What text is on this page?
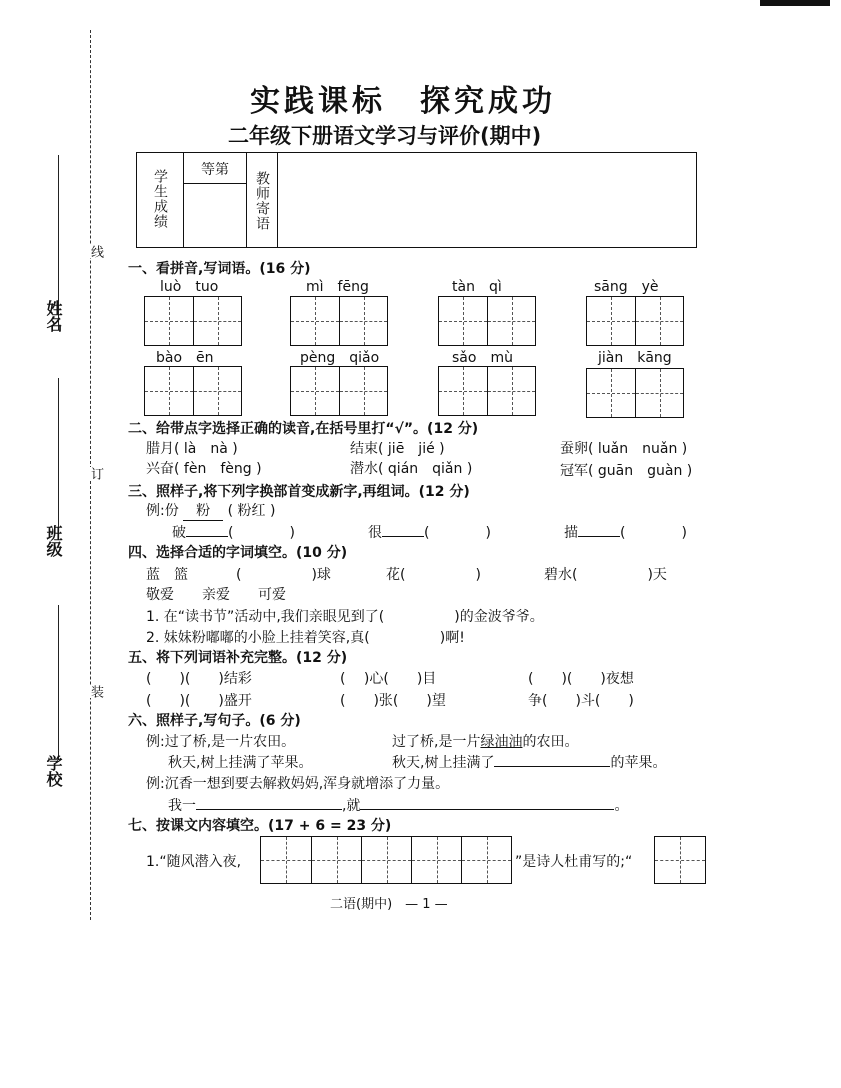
姓名
班级
学校
线
订
装
实践课标　探究成功
二年级下册语文学习与评价(期中)
学生成绩	等第

教师寄语

一、看拼音,写词语。(16 分)
luò　tuo	mì　fēng	tàn　qì	sāng　yè
bào　ēn	pèng　qiǎo	sǎo　mù	jiàn　kāng
二、给带点字选择正确的读音,在括号里打“√”。(12 分)
腊月( là　nà )	结束( jiē　jié )	蚕卵( luǎn　nuǎn )
兴奋( fèn　fèng )	潜水( qián　qiǎn )	冠军( guān　guàn )
三、照样子,将下列字换部首变成新字,再组词。(12 分)
例:份 粉 ( 粉红 )
破	(　　　　)	很	(　　　　)	描	(　　　　)
四、选择合适的字词填空。(10 分)
蓝　篮	(　　　　　)球	花(　　　　　)	碧水(　　　　　	)天
敬爱　　亲爱　　可爱
1. 在“读书节”活动中,我们亲眼见到了(　　　　　	)的金波爷爷。
2. 妹妹粉嘟嘟的小脸上挂着笑容,真(　　　　　	)啊!
五、将下列词语补充完整。(12 分)
(　　)(　　)结彩	(　 )心(　　)目	(　　)(　　)夜想
(　　)(　　)盛开	(　　)张(　　)望	争(　　)斗(　　)
六、照样子,写句子。(6 分)
例:过了桥,是一片农田。	过了桥,是一片绿油油的农田。
秋天,树上挂满了苹果。	秋天,树上挂满了	的苹果。
例:沉香一想到要去解救妈妈,浑身就增添了力量。
我一	,就	。
七、按课文内容填空。(17 + 6 = 23 分)
1.“随风潜入夜,	”是诗人杜甫写的;“
二语(期中)　— 1 —
